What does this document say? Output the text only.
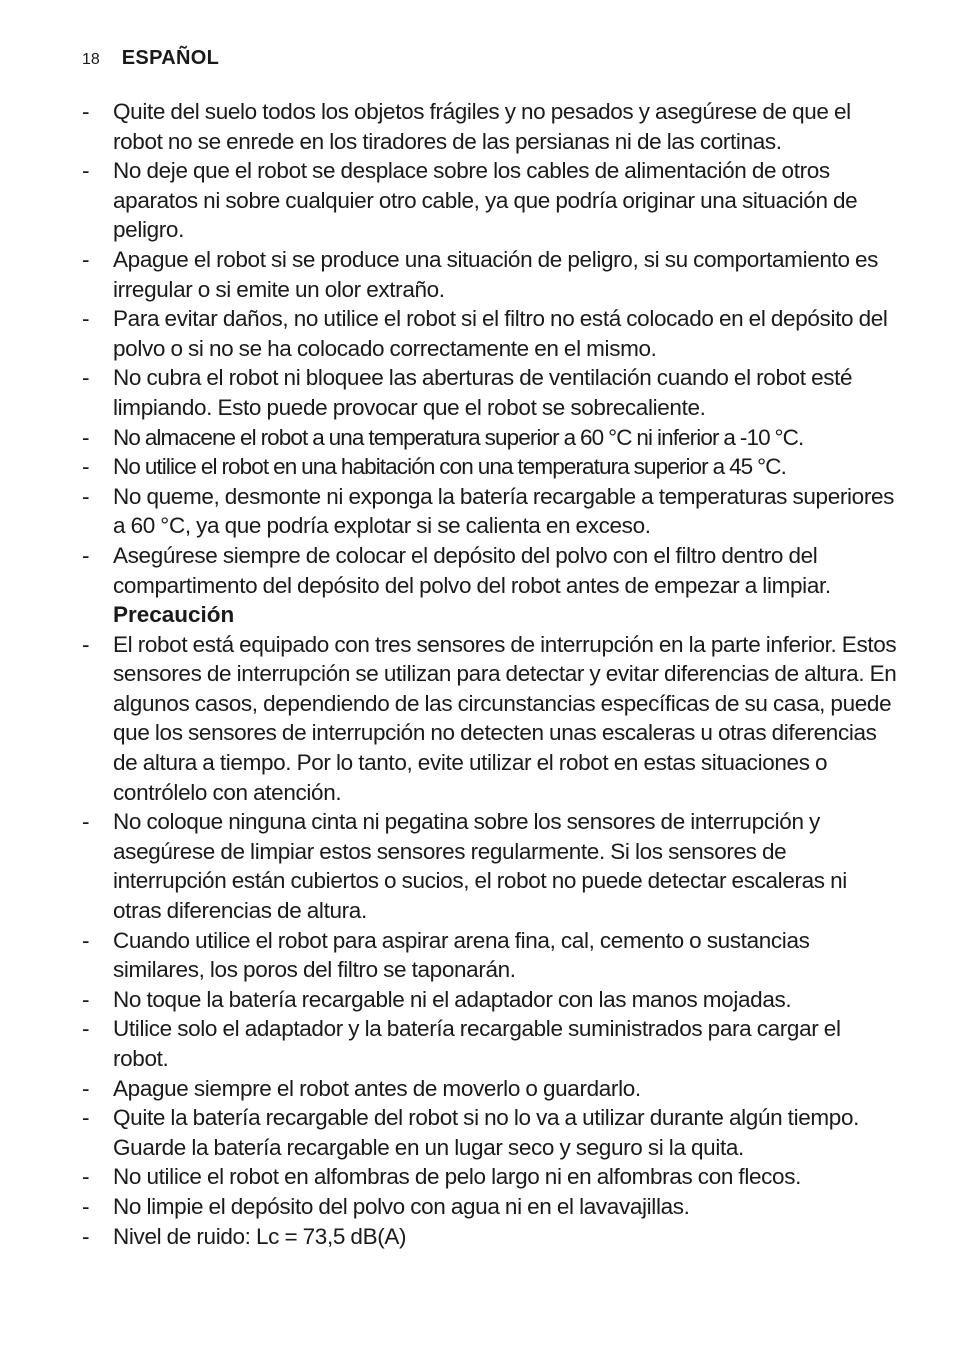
18 ESPAÑOL
- Quite del suelo todos los objetos frágiles y no pesados y asegúrese de que el robot no se enrede en los tiradores de las persianas ni de las cortinas.
- No deje que el robot se desplace sobre los cables de alimentación de otros aparatos ni sobre cualquier otro cable, ya que podría originar una situación de peligro.
- Apague el robot si se produce una situación de peligro, si su comportamiento es irregular o si emite un olor extraño.
- Para evitar daños, no utilice el robot si el filtro no está colocado en el depósito del polvo o si no se ha colocado correctamente en el mismo.
- No cubra el robot ni bloquee las aberturas de ventilación cuando el robot esté limpiando. Esto puede provocar que el robot se sobrecaliente.
- No almacene el robot a una temperatura superior a 60 °C ni inferior a -10 °C.
- No utilice el robot en una habitación con una temperatura superior a 45 °C.
- No queme, desmonte ni exponga la batería recargable a temperaturas superiores a 60 °C, ya que podría explotar si se calienta en exceso.
- Asegúrese siempre de colocar el depósito del polvo con el filtro dentro del compartimento del depósito del polvo del robot antes de empezar a limpiar.
Precaución
- El robot está equipado con tres sensores de interrupción en la parte inferior. Estos sensores de interrupción se utilizan para detectar y evitar diferencias de altura. En algunos casos, dependiendo de las circunstancias específicas de su casa, puede que los sensores de interrupción no detecten unas escaleras u otras diferencias de altura a tiempo. Por lo tanto, evite utilizar el robot en estas situaciones o contrólelo con atención.
- No coloque ninguna cinta ni pegatina sobre los sensores de interrupción y asegúrese de limpiar estos sensores regularmente. Si los sensores de interrupción están cubiertos o sucios, el robot no puede detectar escaleras ni otras diferencias de altura.
- Cuando utilice el robot para aspirar arena fina, cal, cemento o sustancias similares, los poros del filtro se taponarán.
- No toque la batería recargable ni el adaptador con las manos mojadas.
- Utilice solo el adaptador y la batería recargable suministrados para cargar el robot.
- Apague siempre el robot antes de moverlo o guardarlo.
- Quite la batería recargable del robot si no lo va a utilizar durante algún tiempo. Guarde la batería recargable en un lugar seco y seguro si la quita.
- No utilice el robot en alfombras de pelo largo ni en alfombras con flecos.
- No limpie el depósito del polvo con agua ni en el lavavajillas.
- Nivel de ruido: Lc = 73,5 dB(A)
